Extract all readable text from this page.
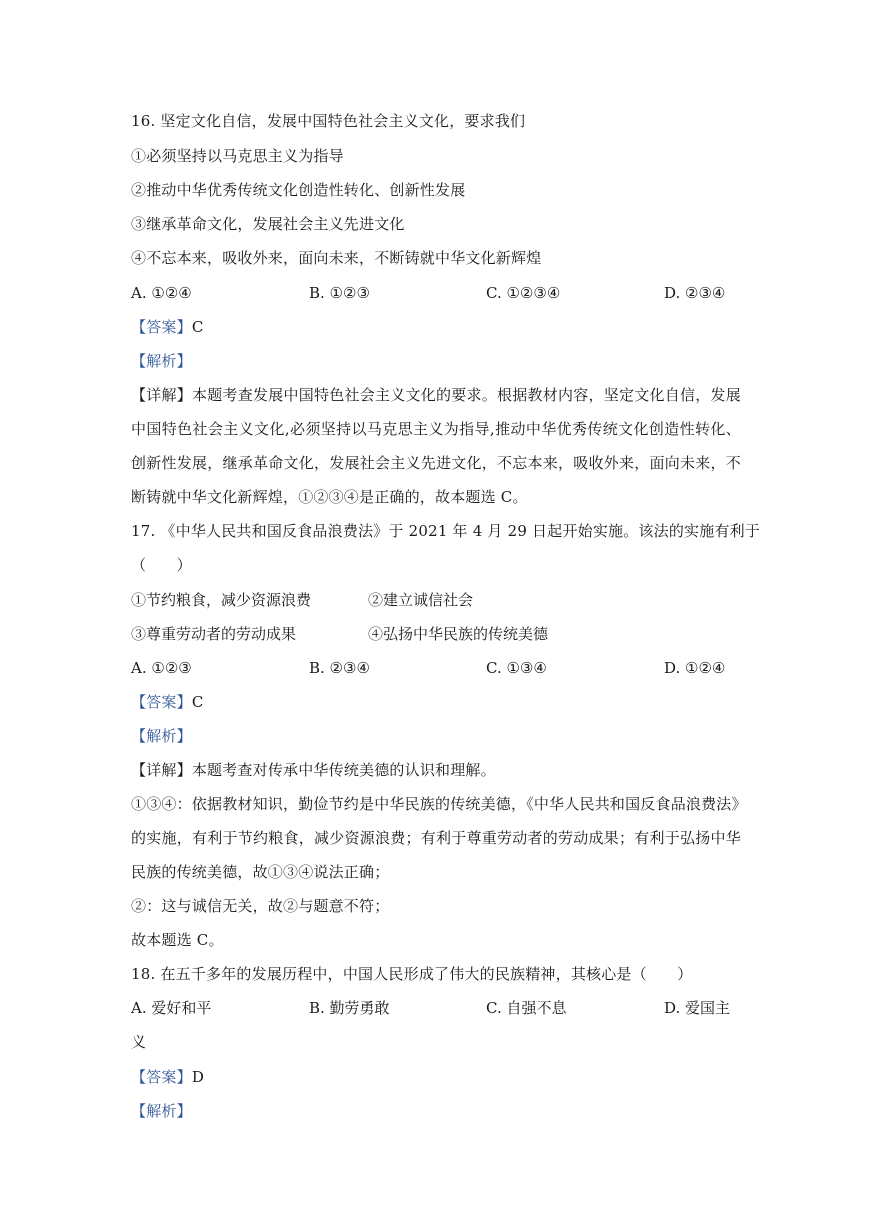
16. 坚定文化自信，发展中国特色社会主义文化，要求我们
①必须坚持以马克思主义为指导
②推动中华优秀传统文化创造性转化、创新性发展
③继承革命文化，发展社会主义先进文化
④不忘本来，吸收外来，面向未来，不断铸就中华文化新辉煌
A. ①②④	B. ①②③	C. ①②③④	D. ②③④
【答案】C
【解析】
【详解】本题考查发展中国特色社会主义文化的要求。根据教材内容，坚定文化自信，发展
中国特色社会主义文化,必须坚持以马克思主义为指导,推动中华优秀传统文化创造性转化、
创新性发展，继承革命文化，发展社会主义先进文化，不忘本来，吸收外来，面向未来，不
断铸就中华文化新辉煌，①②③④是正确的，故本题选 C。
17. 《中华人民共和国反食品浪费法》于 2021 年 4 月 29 日起开始实施。该法的实施有利于
（　　）
①节约粮食，减少资源浪费	②建立诚信社会
③尊重劳动者的劳动成果	④弘扬中华民族的传统美德
A. ①②③	B. ②③④	C. ①③④	D. ①②④
【答案】C
【解析】
【详解】本题考查对传承中华传统美德的认识和理解。
①③④：依据教材知识，勤俭节约是中华民族的传统美德，《中华人民共和国反食品浪费法》
的实施，有利于节约粮食，减少资源浪费；有利于尊重劳动者的劳动成果；有利于弘扬中华
民族的传统美德，故①③④说法正确；
②：这与诚信无关，故②与题意不符；
故本题选 C。
18. 在五千多年的发展历程中，中国人民形成了伟大的民族精神，其核心是（　　）
A. 爱好和平	B. 勤劳勇敢	C. 自强不息	D. 爱国主
义
【答案】D
【解析】
